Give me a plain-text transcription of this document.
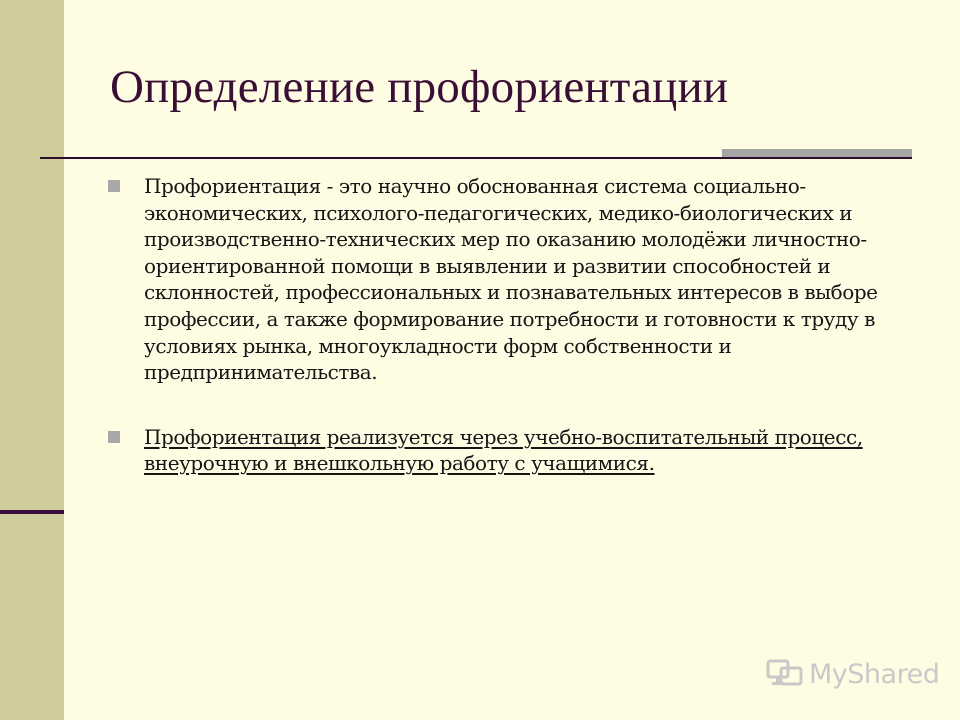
Определение профориентации
Профориентация - это научно обоснованная система социально-экономических, психолого-педагогических, медико-биологических и производственно-технических мер по оказанию молодёжи личностно-ориентированной помощи в выявлении и развитии способностей и склонностей, профессиональных и познавательных интересов в выборе профессии, а также формирование потребности и готовности к труду в условиях рынка, многоукладности форм собственности и предпринимательства.
Профориентация реализуется через учебно-воспитательный процесс, внеурочную и внешкольную работу с учащимися.
MyShared
